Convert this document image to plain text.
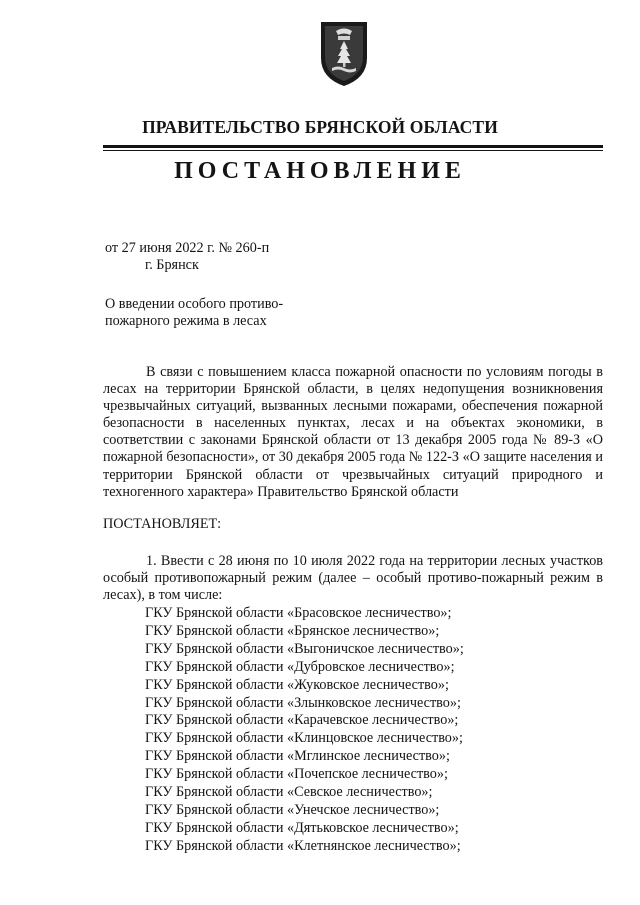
ПРАВИТЕЛЬСТВО БРЯНСКОЙ ОБЛАСТИ
ПОСТАНОВЛЕНИЕ
от 27 июня 2022 г. № 260-п
г. Брянск
О введении особого противо-
пожарного режима в лесах
В связи с повышением класса пожарной опасности по условиям погоды в лесах на территории Брянской области, в целях недопущения возникновения чрезвычайных ситуаций, вызванных лесными пожарами, обеспечения пожарной безопасности в населенных пунктах, лесах и на объектах экономики, в соответствии с законами Брянской области от 13 декабря 2005 года № 89-З «О пожарной безопасности», от 30 декабря 2005 года № 122-З «О защите населения и территории Брянской области от чрезвычайных ситуаций природного и техногенного характера» Правительство Брянской области
ПОСТАНОВЛЯЕТ:
1. Ввести с 28 июня по 10 июля 2022 года на территории лесных участков особый противопожарный режим (далее – особый противо-пожарный режим в лесах), в том числе:
ГКУ Брянской области «Брасовское лесничество»;
ГКУ Брянской области «Брянское лесничество»;
ГКУ Брянской области «Выгоничское лесничество»;
ГКУ Брянской области «Дубровское лесничество»;
ГКУ Брянской области «Жуковское лесничество»;
ГКУ Брянской области «Злынковское лесничество»;
ГКУ Брянской области «Карачевское лесничество»;
ГКУ Брянской области «Клинцовское лесничество»;
ГКУ Брянской области «Мглинское лесничество»;
ГКУ Брянской области «Почепское лесничество»;
ГКУ Брянской области «Севское лесничество»;
ГКУ Брянской области «Унечское лесничество»;
ГКУ Брянской области «Дятьковское лесничество»;
ГКУ Брянской области «Клетнянское лесничество»;
